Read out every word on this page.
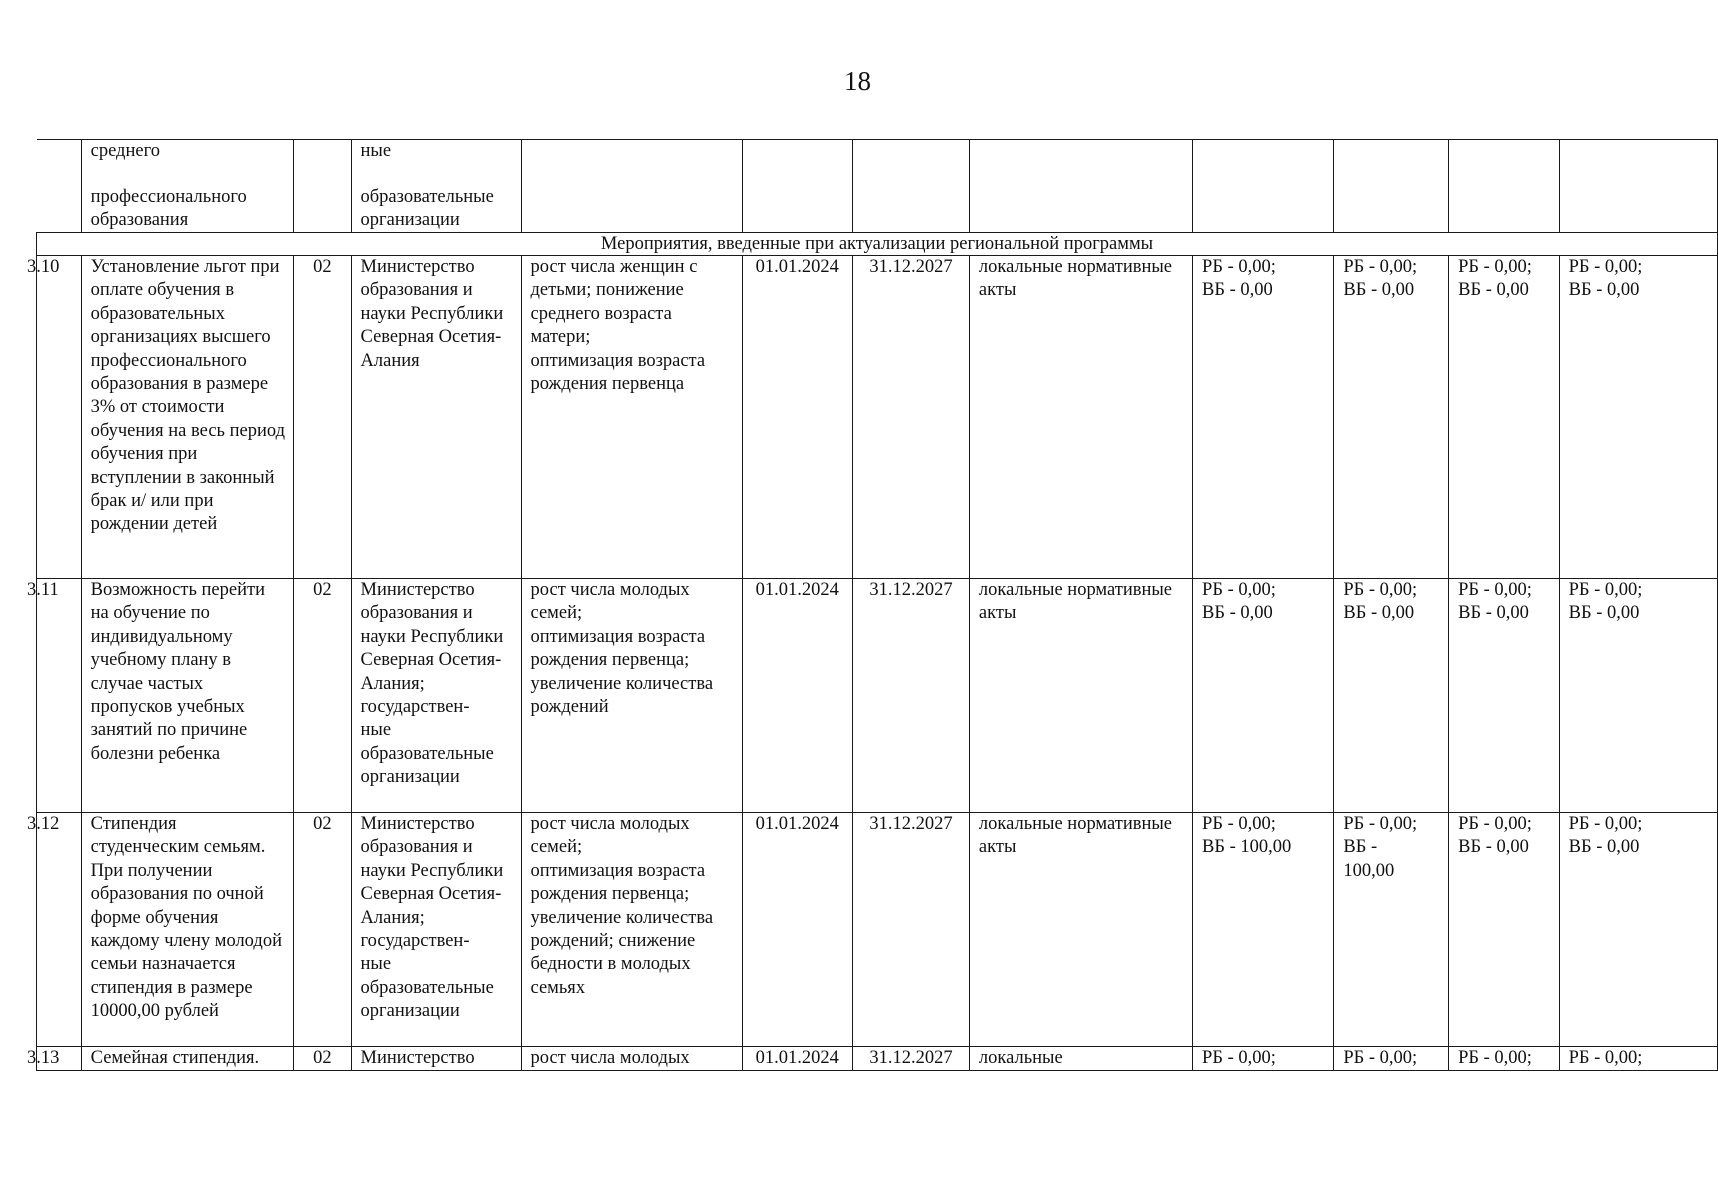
18
	среднего

профессионального
образования		ные

образовательные
организации								
Мероприятия, введенные при актуализации региональной программы											
3.10	Установление льгот при оплате обучения в образовательных организациях высшего профессионального образования в размере 3% от стоимости обучения на весь период обучения при вступлении в законный брак и/ или при рождении детей	02	Министерство образования и науки Республики Северная Осетия-Алания	рост числа женщин с детьми; понижение среднего возраста матери;
оптимизация возраста рождения первенца	01.01.2024	31.12.2027	локальные нормативные акты	РБ - 0,00;
ВБ - 0,00	РБ - 0,00;
ВБ - 0,00	РБ - 0,00;
ВБ - 0,00	РБ - 0,00;
ВБ - 0,00
3.11	Возможность перейти на обучение по индивидуальному учебному плану в случае частых пропусков учебных занятий по причине болезни ребенка	02	Министерство образования и науки Республики Северная Осетия-Алания; государствен-
ные
образовательные организации	рост числа молодых семей;
оптимизация возраста рождения первенца;
увеличение количества рождений	01.01.2024	31.12.2027	локальные нормативные акты	РБ - 0,00;
ВБ - 0,00	РБ - 0,00;
ВБ - 0,00	РБ - 0,00;
ВБ - 0,00	РБ - 0,00;
ВБ - 0,00
3.12	Стипендия студенческим семьям. При получении образования по очной форме обучения каждому члену молодой семьи назначается стипендия в размере 10000,00 рублей	02	Министерство образования и науки Республики Северная Осетия-Алания; государствен-
ные
образовательные организации	рост числа молодых семей;
оптимизация возраста рождения первенца;
увеличение количества рождений; снижение бедности в молодых семьях	01.01.2024	31.12.2027	локальные нормативные акты	РБ - 0,00;
ВБ - 100,00	РБ - 0,00;
ВБ -
100,00	РБ - 0,00;
ВБ - 0,00	РБ - 0,00;
ВБ - 0,00
3.13	Семейная стипендия.	02	Министерство	рост числа молодых	01.01.2024	31.12.2027	локальные	РБ - 0,00;	РБ - 0,00;	РБ - 0,00;	РБ - 0,00;
